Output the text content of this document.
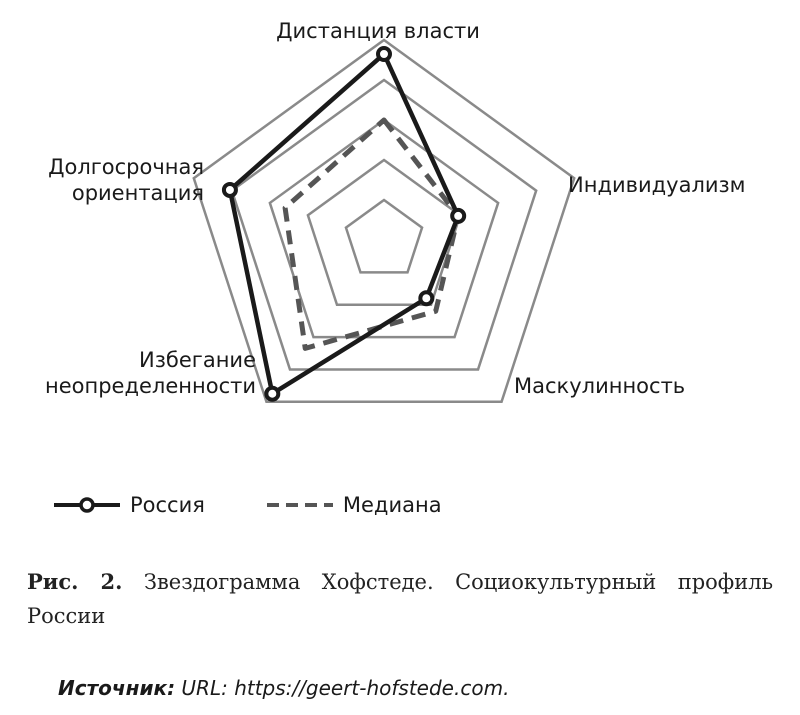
Дистанция власти
Индивидуализм
Маскулинность
Избегание неопределенности
Долгосрочная ориентация
Россия	Медиана
Рис. 2. Звездограмма Хофстеде. Социокультурный профиль России
Источник: URL: https://geert-hofstede.com.
